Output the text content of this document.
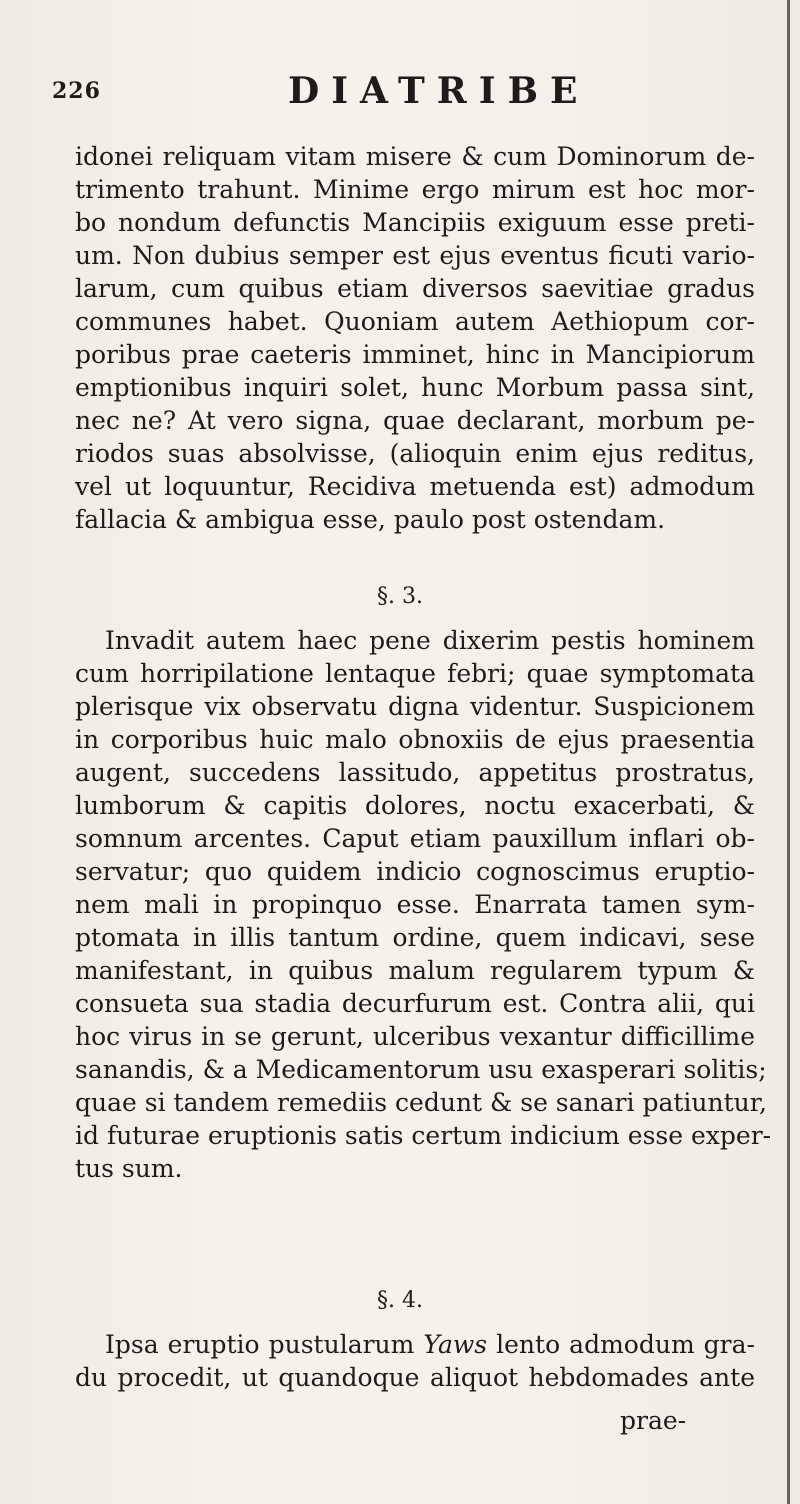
226	DIATRIBE
idonei reliquam vitam misere & cum Dominorum de-
trimento trahunt. Minime ergo mirum est hoc mor-
bo nondum defunctis Mancipiis exiguum esse preti-
um. Non dubius semper est ejus eventus ficuti vario-
larum, cum quibus etiam diversos saevitiae gradus
communes habet. Quoniam autem Aethiopum cor-
poribus prae caeteris imminet, hinc in Mancipiorum
emptionibus inquiri solet, hunc Morbum passa sint,
nec ne? At vero signa, quae declarant, morbum pe-
riodos suas absolvisse, (alioquin enim ejus reditus,
vel ut loquuntur, Recidiva metuenda est) admodum
fallacia & ambigua esse, paulo post ostendam.
§. 3.
Invadit autem haec pene dixerim pestis hominem
cum horripilatione lentaque febri; quae symptomata
plerisque vix observatu digna videntur. Suspicionem
in corporibus huic malo obnoxiis de ejus praesentia
augent, succedens lassitudo, appetitus prostratus,
lumborum & capitis dolores, noctu exacerbati, &
somnum arcentes. Caput etiam pauxillum inflari ob-
servatur; quo quidem indicio cognoscimus eruptio-
nem mali in propinquo esse. Enarrata tamen sym-
ptomata in illis tantum ordine, quem indicavi, sese
manifestant, in quibus malum regularem typum &
consueta sua stadia decurfurum est. Contra alii, qui
hoc virus in se gerunt, ulceribus vexantur difficillime
sanandis, & a Medicamentorum usu exasperari solitis;
quae si tandem remediis cedunt & se sanari patiuntur,
id futurae eruptionis satis certum indicium esse exper-
tus sum.
§. 4.
Ipsa eruptio pustularum Yaws lento admodum gra-
du procedit, ut quandoque aliquot hebdomades ante
prae-
